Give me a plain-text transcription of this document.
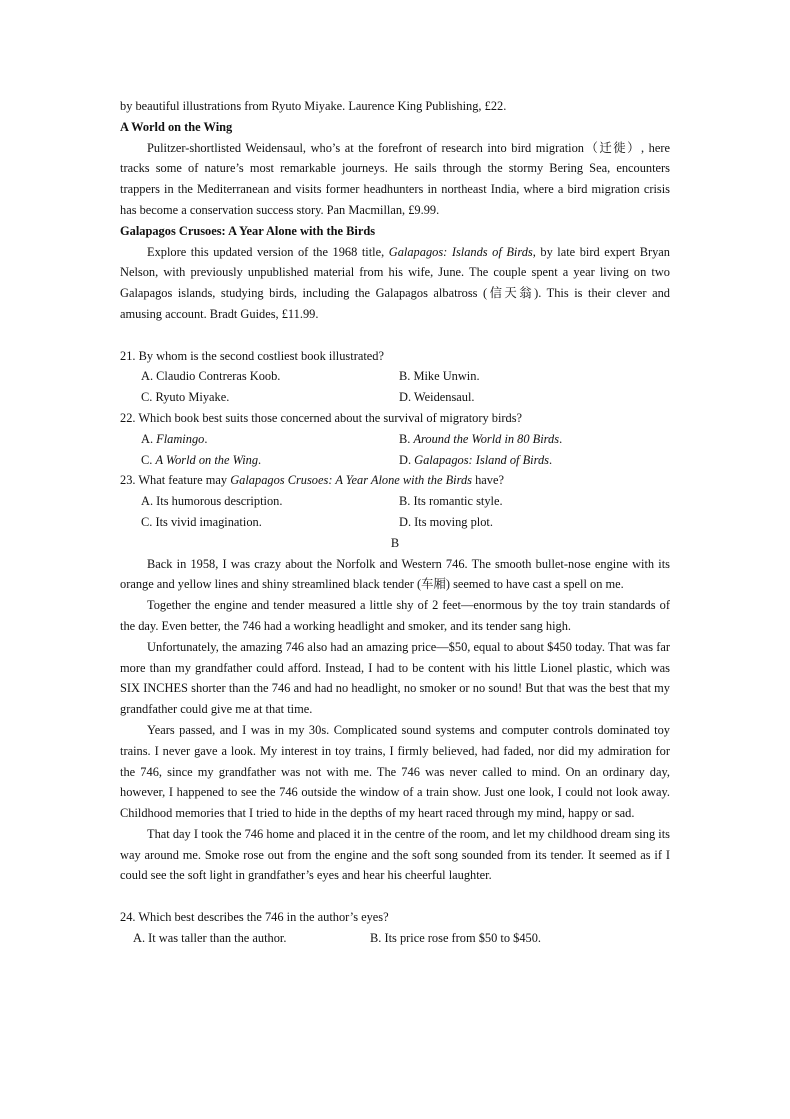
by beautiful illustrations from Ryuto Miyake. Laurence King Publishing, £22.

A World on the Wing

Pulitzer-shortlisted Weidensaul, who’s at the forefront of research into bird migration（迁徙）, here tracks some of nature’s most remarkable journeys. He sails through the stormy Bering Sea, encounters trappers in the Mediterranean and visits former headhunters in northeast India, where a bird migration crisis has become a conservation success story. Pan Macmillan, £9.99.

Galapagos Crusoes: A Year Alone with the Birds

Explore this updated version of the 1968 title, Galapagos: Islands of Birds, by late bird expert Bryan Nelson, with previously unpublished material from his wife, June. The couple spent a year living on two Galapagos islands, studying birds, including the Galapagos albatross (信天翁). This is their clever and amusing account. Bradt Guides, £11.99.

21. By whom is the second costliest book illustrated?

A. Claudio Contreras Koob.	B. Mike Unwin.
C. Ryuto Miyake.	D. Weidensaul.

22. Which book best suits those concerned about the survival of migratory birds?

A. Flamingo.	B. Around the World in 80 Birds.
C. A World on the Wing.	D. Galapagos: Island of Birds.

23. What feature may Galapagos Crusoes: A Year Alone with the Birds have?

A. Its humorous description.	B. Its romantic style.
C. Its vivid imagination.	D. Its moving plot.

B

Back in 1958, I was crazy about the Norfolk and Western 746. The smooth bullet-nose engine with its orange and yellow lines and shiny streamlined black tender (车厢) seemed to have cast a spell on me.

Together the engine and tender measured a little shy of 2 feet—enormous by the toy train standards of the day. Even better, the 746 had a working headlight and smoker, and its tender sang high.

Unfortunately, the amazing 746 also had an amazing price—$50, equal to about $450 today. That was far more than my grandfather could afford. Instead, I had to be content with his little Lionel plastic, which was SIX INCHES shorter than the 746 and had no headlight, no smoker or no sound! But that was the best that my grandfather could give me at that time.

Years passed, and I was in my 30s. Complicated sound systems and computer controls dominated toy trains. I never gave a look. My interest in toy trains, I firmly believed, had faded, nor did my admiration for the 746, since my grandfather was not with me. The 746 was never called to mind. On an ordinary day, however, I happened to see the 746 outside the window of a train show. Just one look, I could not look away. Childhood memories that I tried to hide in the depths of my heart raced through my mind, happy or sad.

That day I took the 746 home and placed it in the centre of the room, and let my childhood dream sing its way around me. Smoke rose out from the engine and the soft song sounded from its tender. It seemed as if I could see the soft light in grandfather’s eyes and hear his cheerful laughter.

24. Which best describes the 746 in the author’s eyes?

A. It was taller than the author.	B. Its price rose from $50 to $450.
